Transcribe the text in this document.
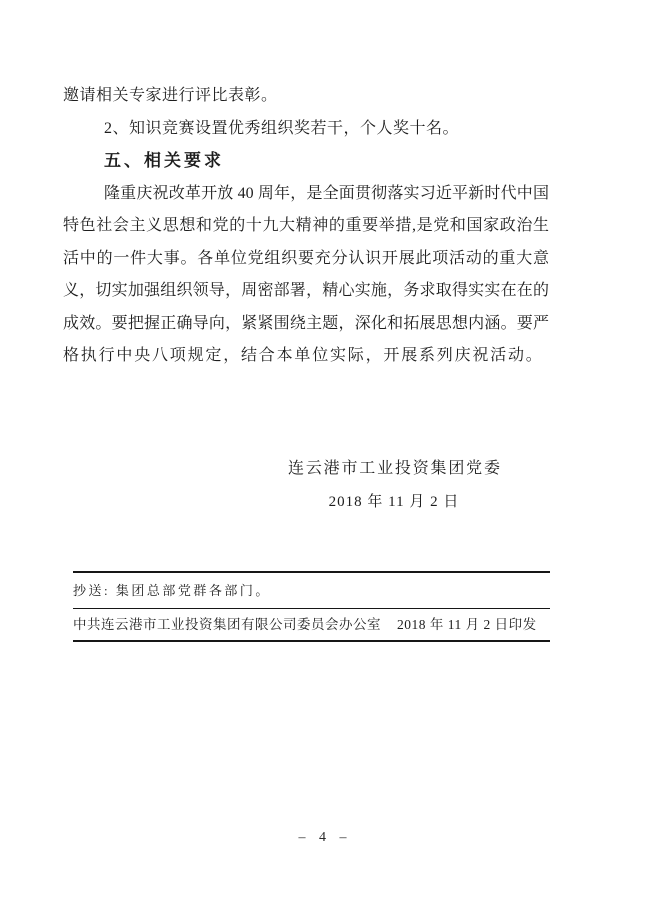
邀请相关专家进行评比表彰。

2、知识竞赛设置优秀组织奖若干，个人奖十名。

五、相关要求

隆重庆祝改革开放 40 周年，是全面贯彻落实习近平新时代中国

特色社会主义思想和党的十九大精神的重要举措,是党和国家政治生

活中的一件大事。各单位党组织要充分认识开展此项活动的重大意

义，切实加强组织领导，周密部署，精心实施，务求取得实实在在的

成效。要把握正确导向，紧紧围绕主题，深化和拓展思想内涵。要严

格执行中央八项规定，结合本单位实际，开展系列庆祝活动。

连云港市工业投资集团党委

2018 年 11 月 2 日

抄送: 集团总部党群各部门。

中共连云港市工业投资集团有限公司委员会办公室 2018 年 11 月 2 日印发

– 4 –
